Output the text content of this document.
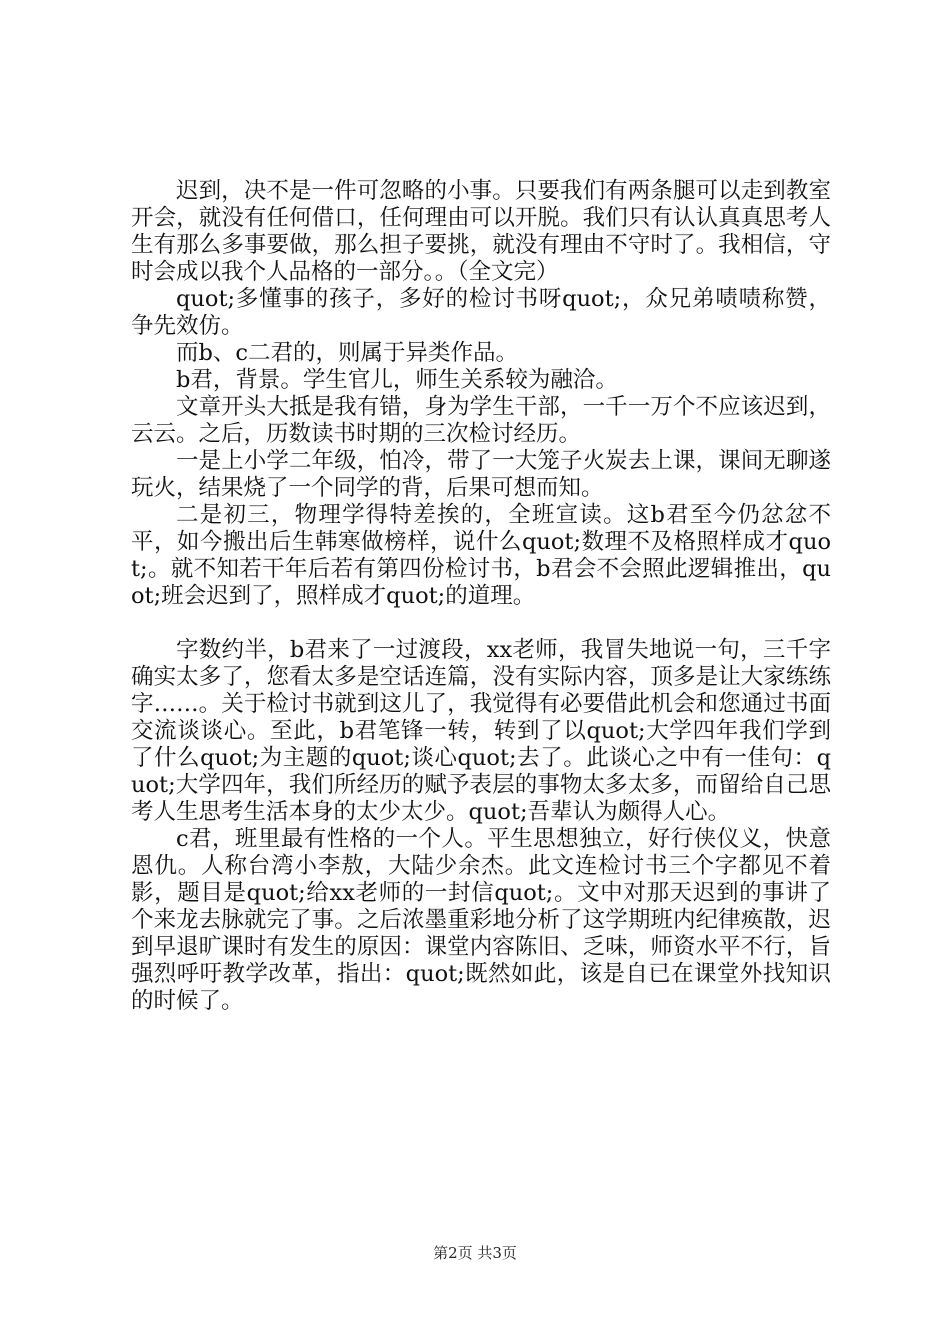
迟到，决不是一件可忽略的小事。只要我们有两条腿可以走到教室开会，就没有任何借口，任何理由可以开脱。我们只有认认真真思考人生有那么多事要做，那么担子要挑，就没有理由不守时了。我相信，守时会成以我个人品格的一部分。。（全文完）

quot;多懂事的孩子，多好的检讨书呀quot;，众兄弟啧啧称赞，争先效仿。

而b、c二君的，则属于异类作品。

b君，背景。学生官儿，师生关系较为融洽。

文章开头大抵是我有错，身为学生干部，一千一万个不应该迟到，云云。之后，历数读书时期的三次检讨经历。

一是上小学二年级，怕冷，带了一大笼子火炭去上课，课间无聊遂玩火，结果烧了一个同学的背，后果可想而知。

二是初三，物理学得特差挨的，全班宣读。这b君至今仍忿忿不平，如今搬出后生韩寒做榜样，说什么quot;数理不及格照样成才quot;。就不知若干年后若有第四份检讨书，b君会不会照此逻辑推出，quot;班会迟到了，照样成才quot;的道理。

字数约半，b君来了一过渡段，xx老师，我冒失地说一句，三千字确实太多了，您看太多是空话连篇，没有实际内容，顶多是让大家练练字……。关于检讨书就到这儿了，我觉得有必要借此机会和您通过书面交流谈谈心。至此，b君笔锋一转，转到了以quot;大学四年我们学到了什么quot;为主题的quot;谈心quot;去了。此谈心之中有一佳句：quot;大学四年，我们所经历的赋予表层的事物太多太多，而留给自己思考人生思考生活本身的太少太少。quot;吾辈认为颇得人心。

c君，班里最有性格的一个人。平生思想独立，好行侠仪义，快意恩仇。人称台湾小李敖，大陆少余杰。此文连检讨书三个字都见不着影，题目是quot;给xx老师的一封信quot;。文中对那天迟到的事讲了个来龙去脉就完了事。之后浓墨重彩地分析了这学期班内纪律痪散，迟到早退旷课时有发生的原因：课堂内容陈旧、乏味，师资水平不行，旨强烈呼吁教学改革，指出：quot;既然如此，该是自已在课堂外找知识的时候了。

第2页 共3页
